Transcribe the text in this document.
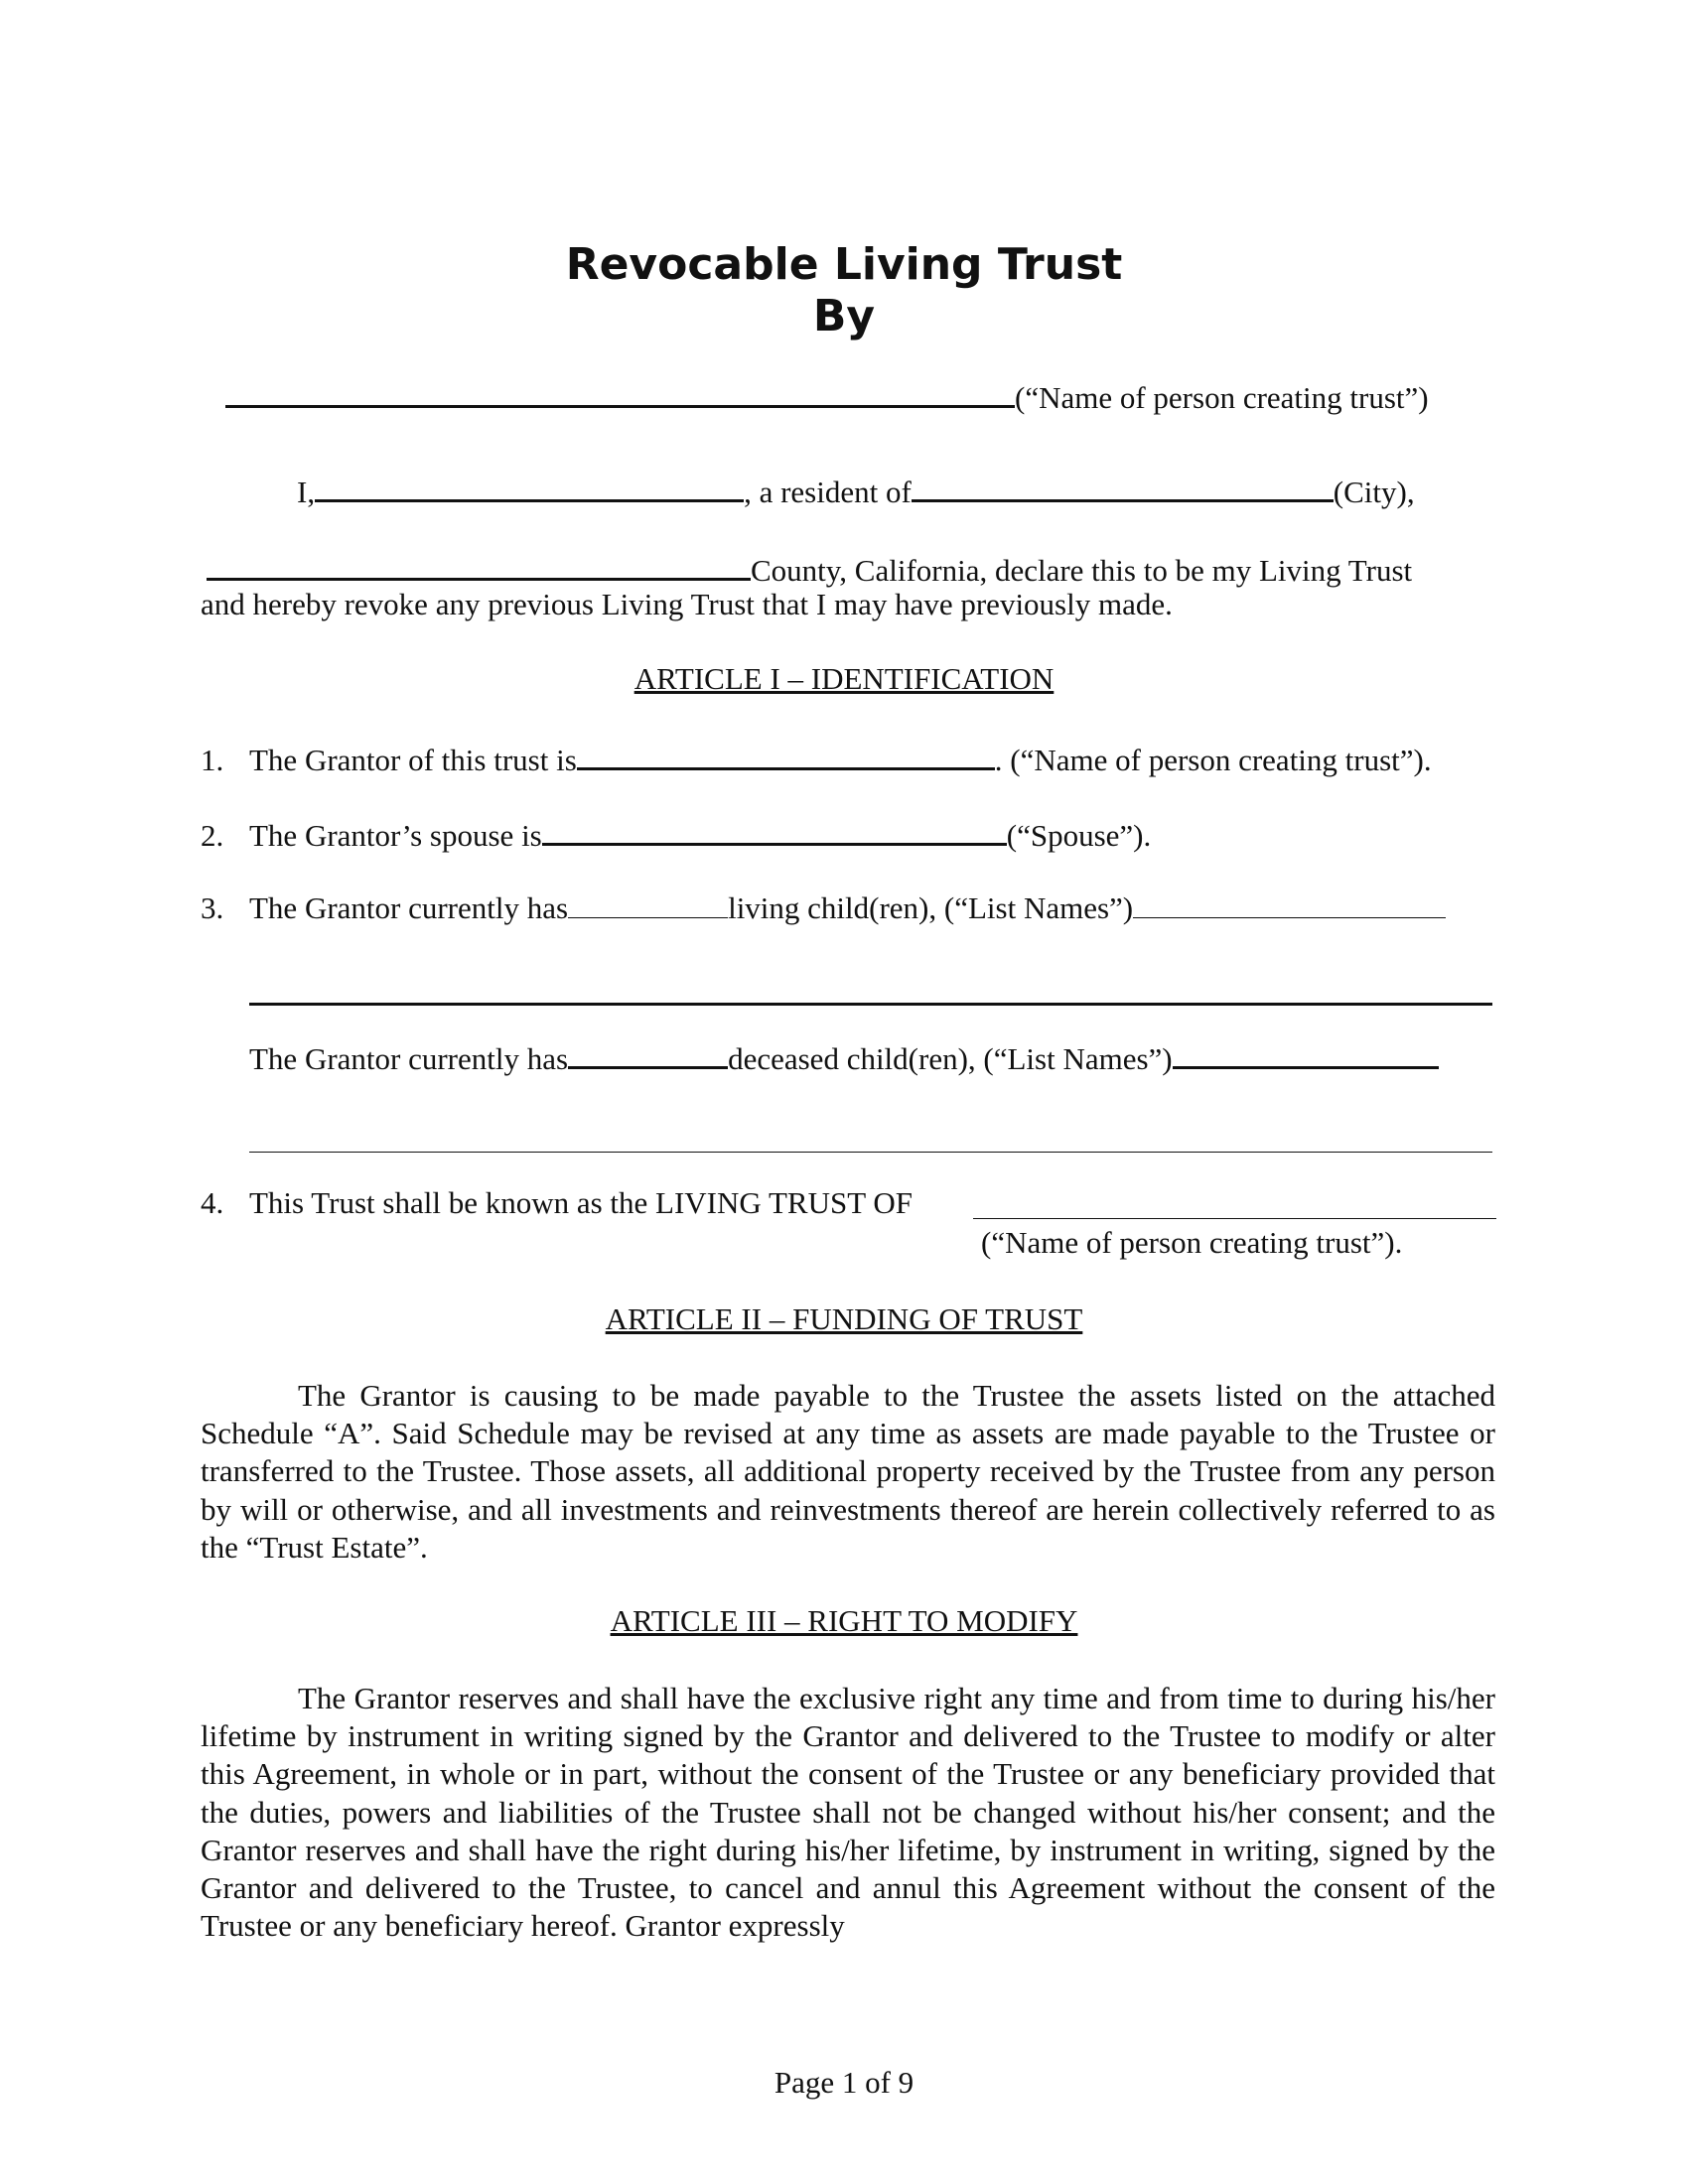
Revocable Living Trust
By
(“Name of person creating trust”)
I,	, a resident of	(City),
County, California, declare this to be my Living Trust
and hereby revoke any previous Living Trust that I may have previously made.
ARTICLE I – IDENTIFICATION
1. The Grantor of this trust is	. (“Name of person creating trust”).
2. The Grantor’s spouse is	(“Spouse”).
3. The Grantor currently has	living child(ren), (“List Names”)
The Grantor currently has	deceased child(ren), (“List Names”)
4. This Trust shall be known as the LIVING TRUST OF
(“Name of person creating trust”).
ARTICLE II – FUNDING OF TRUST
The Grantor is causing to be made payable to the Trustee the assets listed on the attached Schedule “A”. Said Schedule may be revised at any time as assets are made payable to the Trustee or transferred to the Trustee. Those assets, all additional property received by the Trustee from any person by will or otherwise, and all investments and reinvestments thereof are herein collectively referred to as the “Trust Estate”.
ARTICLE III – RIGHT TO MODIFY
The Grantor reserves and shall have the exclusive right any time and from time to during his/her lifetime by instrument in writing signed by the Grantor and delivered to the Trustee to modify or alter this Agreement, in whole or in part, without the consent of the Trustee or any beneficiary provided that the duties, powers and liabilities of the Trustee shall not be changed without his/her consent; and the Grantor reserves and shall have the right during his/her lifetime, by instrument in writing, signed by the Grantor and delivered to the Trustee, to cancel and annul this Agreement without the consent of the Trustee or any beneficiary hereof. Grantor expressly
Page 1 of 9
